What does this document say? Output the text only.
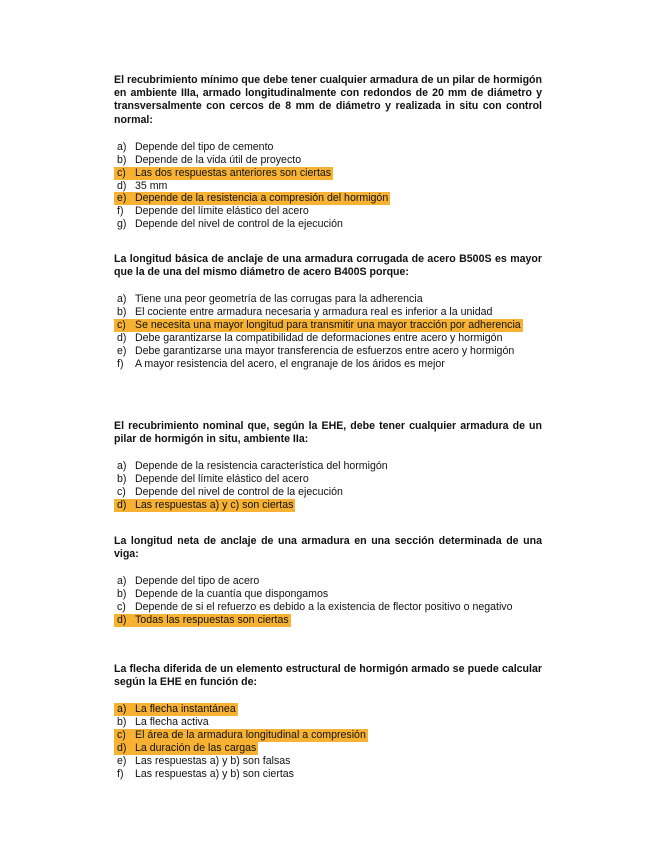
El recubrimiento mínimo que debe tener cualquier armadura de un pilar de hormigón en ambiente IIIa, armado longitudinalmente con redondos de 20 mm de diámetro y transversalmente con cercos de 8 mm de diámetro y realizada in situ con control normal:

a) Depende del tipo de cemento
b) Depende de la vida útil de proyecto
c) Las dos respuestas anteriores son ciertas
d) 35 mm
e) Depende de la resistencia a compresión del hormigón
f)	Depende del límite elástico del acero
g) Depende del nivel de control de la ejecución

La longitud básica de anclaje de una armadura corrugada de acero B500S es mayor que la de una del mismo diámetro de acero B400S porque:

a) Tiene una peor geometría de las corrugas para la adherencia
b) El cociente entre armadura necesaria y armadura real es inferior a la unidad
c) Se necesita una mayor longitud para transmitir una mayor tracción por adherencia
d) Debe garantizarse la compatibilidad de deformaciones entre acero y hormigón
e) Debe garantizarse una mayor transferencia de esfuerzos entre acero y hormigón
f)	A mayor resistencia del acero, el engranaje de los áridos es mejor

El recubrimiento nominal que, según la EHE, debe tener cualquier armadura de un pilar de hormigón in situ, ambiente IIa:

a) Depende de la resistencia característica del hormigón
b) Depende del límite elástico del acero
c) Depende del nivel de control de la ejecución
d) Las respuestas a) y c) son ciertas

La longitud neta de anclaje de una armadura en una sección determinada de una viga:

a) Depende del tipo de acero
b) Depende de la cuantía que dispongamos
c) Depende de si el refuerzo es debido a la existencia de flector positivo o negativo
d) Todas las respuestas son ciertas

La flecha diferida de un elemento estructural de hormigón armado se puede calcular según la EHE en función de:

a) La flecha instantánea
b) La flecha activa
c) El área de la armadura longitudinal a compresión
d) La duración de las cargas
e) Las respuestas a) y b) son falsas
f)	Las respuestas a) y b) son ciertas
